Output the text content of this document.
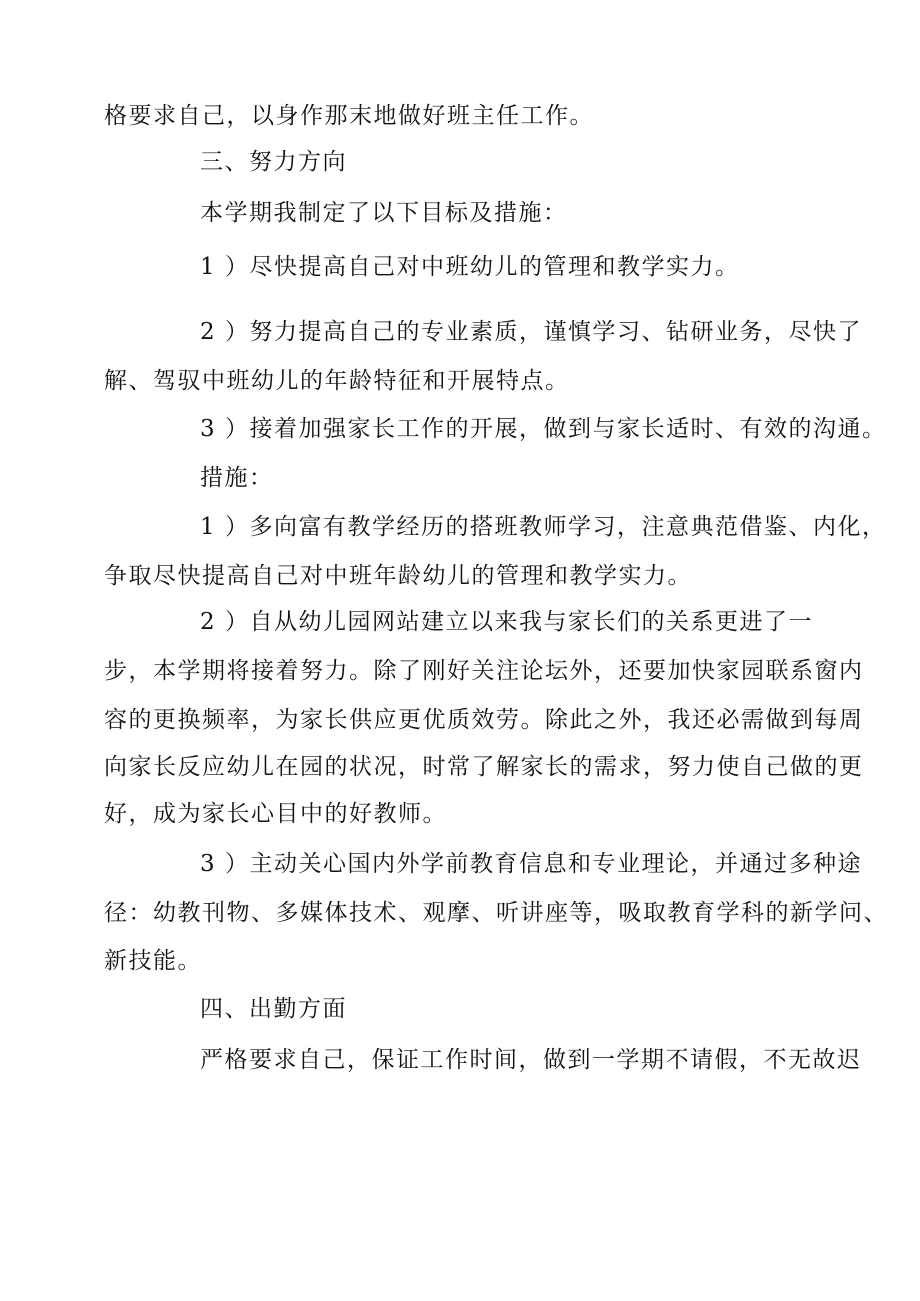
格要求自己，以身作那末地做好班主任工作。
三、努力方向
本学期我制定了以下目标及措施：
1 ）尽快提高自己对中班幼儿的管理和教学实力。
2 ）努力提高自己的专业素质，谨慎学习、钻研业务，尽快了
解、驾驭中班幼儿的年龄特征和开展特点。
3 ）接着加强家长工作的开展，做到与家长适时、有效的沟通。
措施：
1 ）多向富有教学经历的搭班教师学习，注意典范借鉴、内化，
争取尽快提高自己对中班年龄幼儿的管理和教学实力。
2 ）自从幼儿园网站建立以来我与家长们的关系更进了一
步，本学期将接着努力。除了刚好关注论坛外，还要加快家园联系窗内
容的更换频率，为家长供应更优质效劳。除此之外，我还必需做到每周
向家长反应幼儿在园的状况，时常了解家长的需求，努力使自己做的更
好，成为家长心目中的好教师。
3 ）主动关心国内外学前教育信息和专业理论，并通过多种途
径：幼教刊物、多媒体技术、观摩、听讲座等，吸取教育学科的新学问、
新技能。
四、出勤方面
严格要求自己，保证工作时间，做到一学期不请假，不无故迟
